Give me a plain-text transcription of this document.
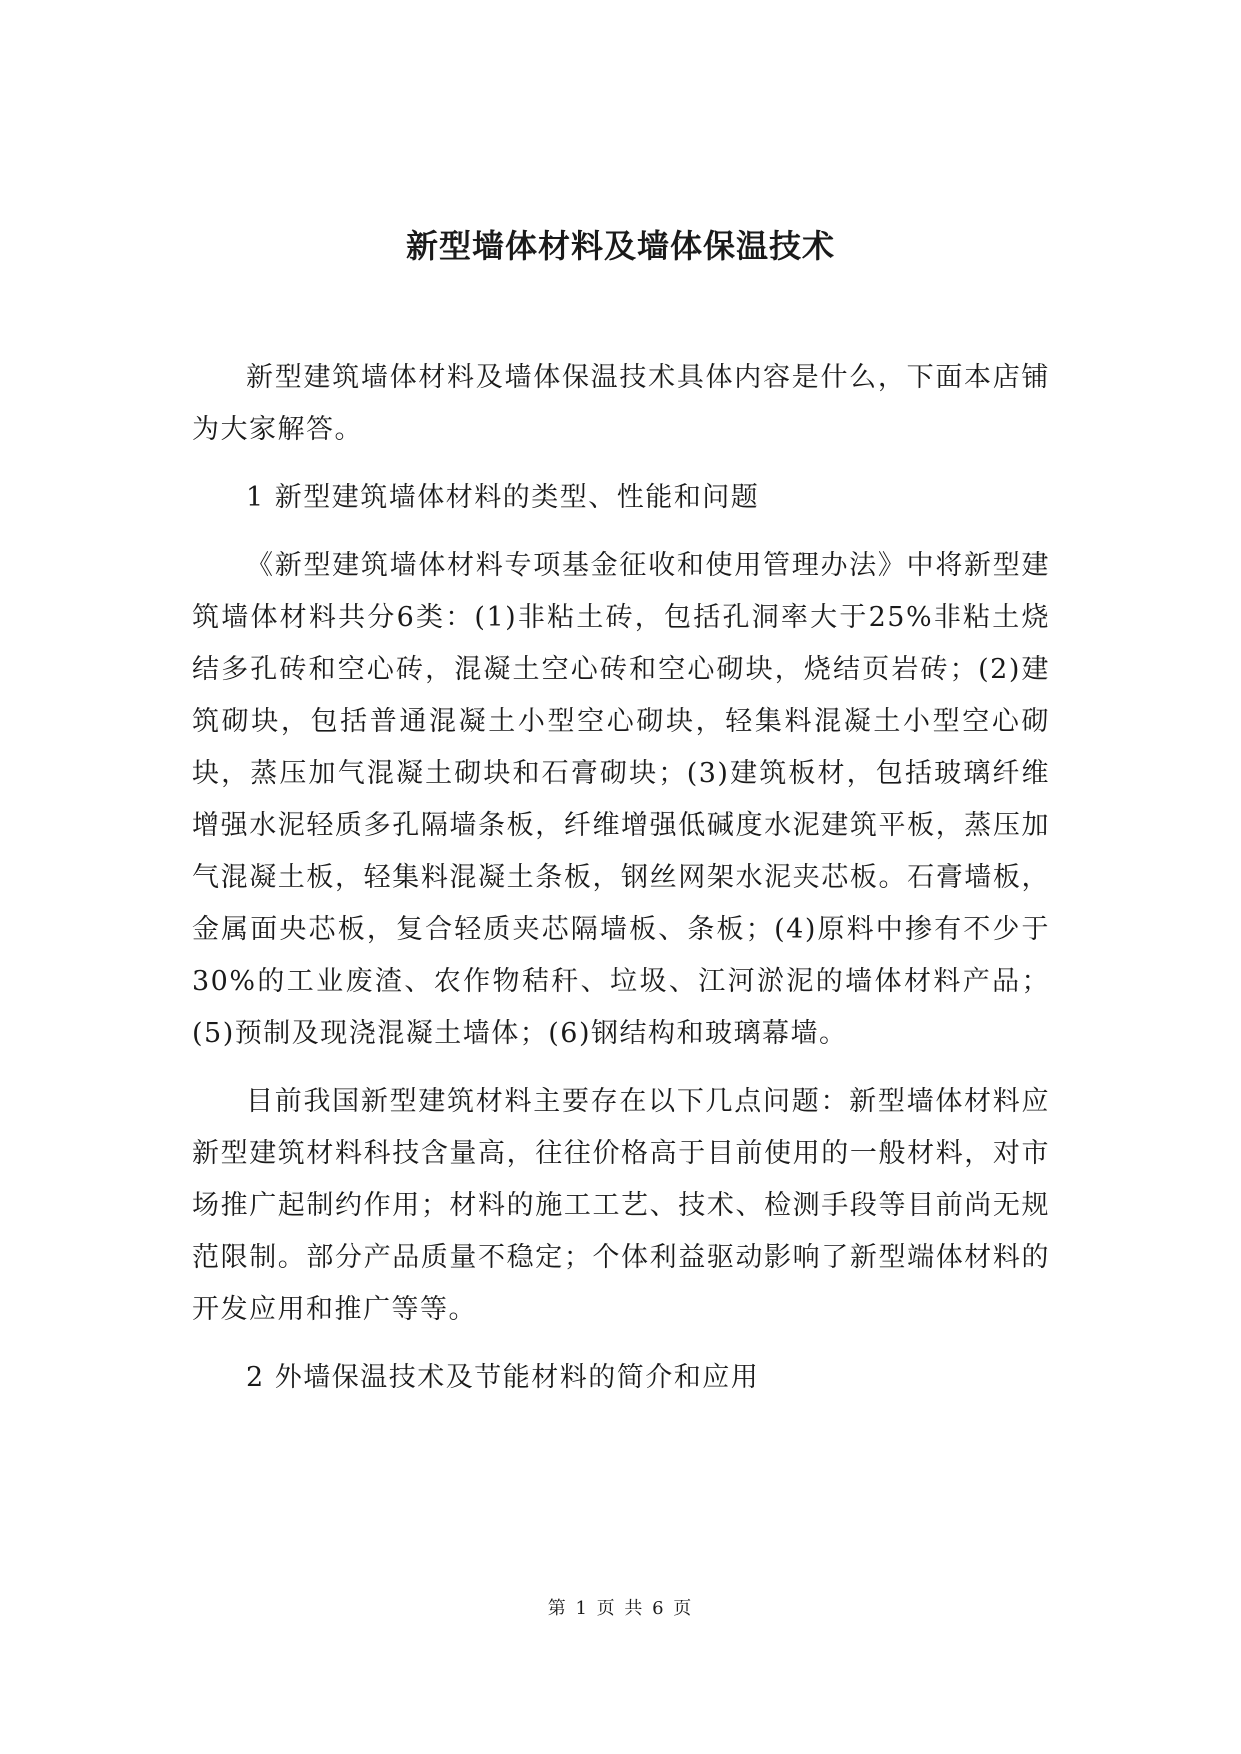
新型墙体材料及墙体保温技术

新型建筑墙体材料及墙体保温技术具体内容是什么，下面本店铺为大家解答。

1 新型建筑墙体材料的类型、性能和问题

《新型建筑墙体材料专项基金征收和使用管理办法》中将新型建筑墙体材料共分6类：(1)非粘土砖，包括孔洞率大于25%非粘土烧结多孔砖和空心砖，混凝土空心砖和空心砌块，烧结页岩砖；(2)建筑砌块，包括普通混凝土小型空心砌块，轻集料混凝土小型空心砌块，蒸压加气混凝土砌块和石膏砌块；(3)建筑板材，包括玻璃纤维增强水泥轻质多孔隔墙条板，纤维增强低碱度水泥建筑平板，蒸压加气混凝土板，轻集料混凝土条板，钢丝网架水泥夹芯板。石膏墙板，金属面央芯板，复合轻质夹芯隔墙板、条板；(4)原料中掺有不少于30%的工业废渣、农作物秸秆、垃圾、江河淤泥的墙体材料产品；(5)预制及现浇混凝土墙体；(6)钢结构和玻璃幕墙。

目前我国新型建筑材料主要存在以下几点问题：新型墙体材料应新型建筑材料科技含量高，往往价格高于目前使用的一般材料，对市场推广起制约作用；材料的施工工艺、技术、检测手段等目前尚无规范限制。部分产品质量不稳定；个体利益驱动影响了新型端体材料的开发应用和推广等等。

2 外墙保温技术及节能材料的简介和应用

第 1 页 共 6 页
